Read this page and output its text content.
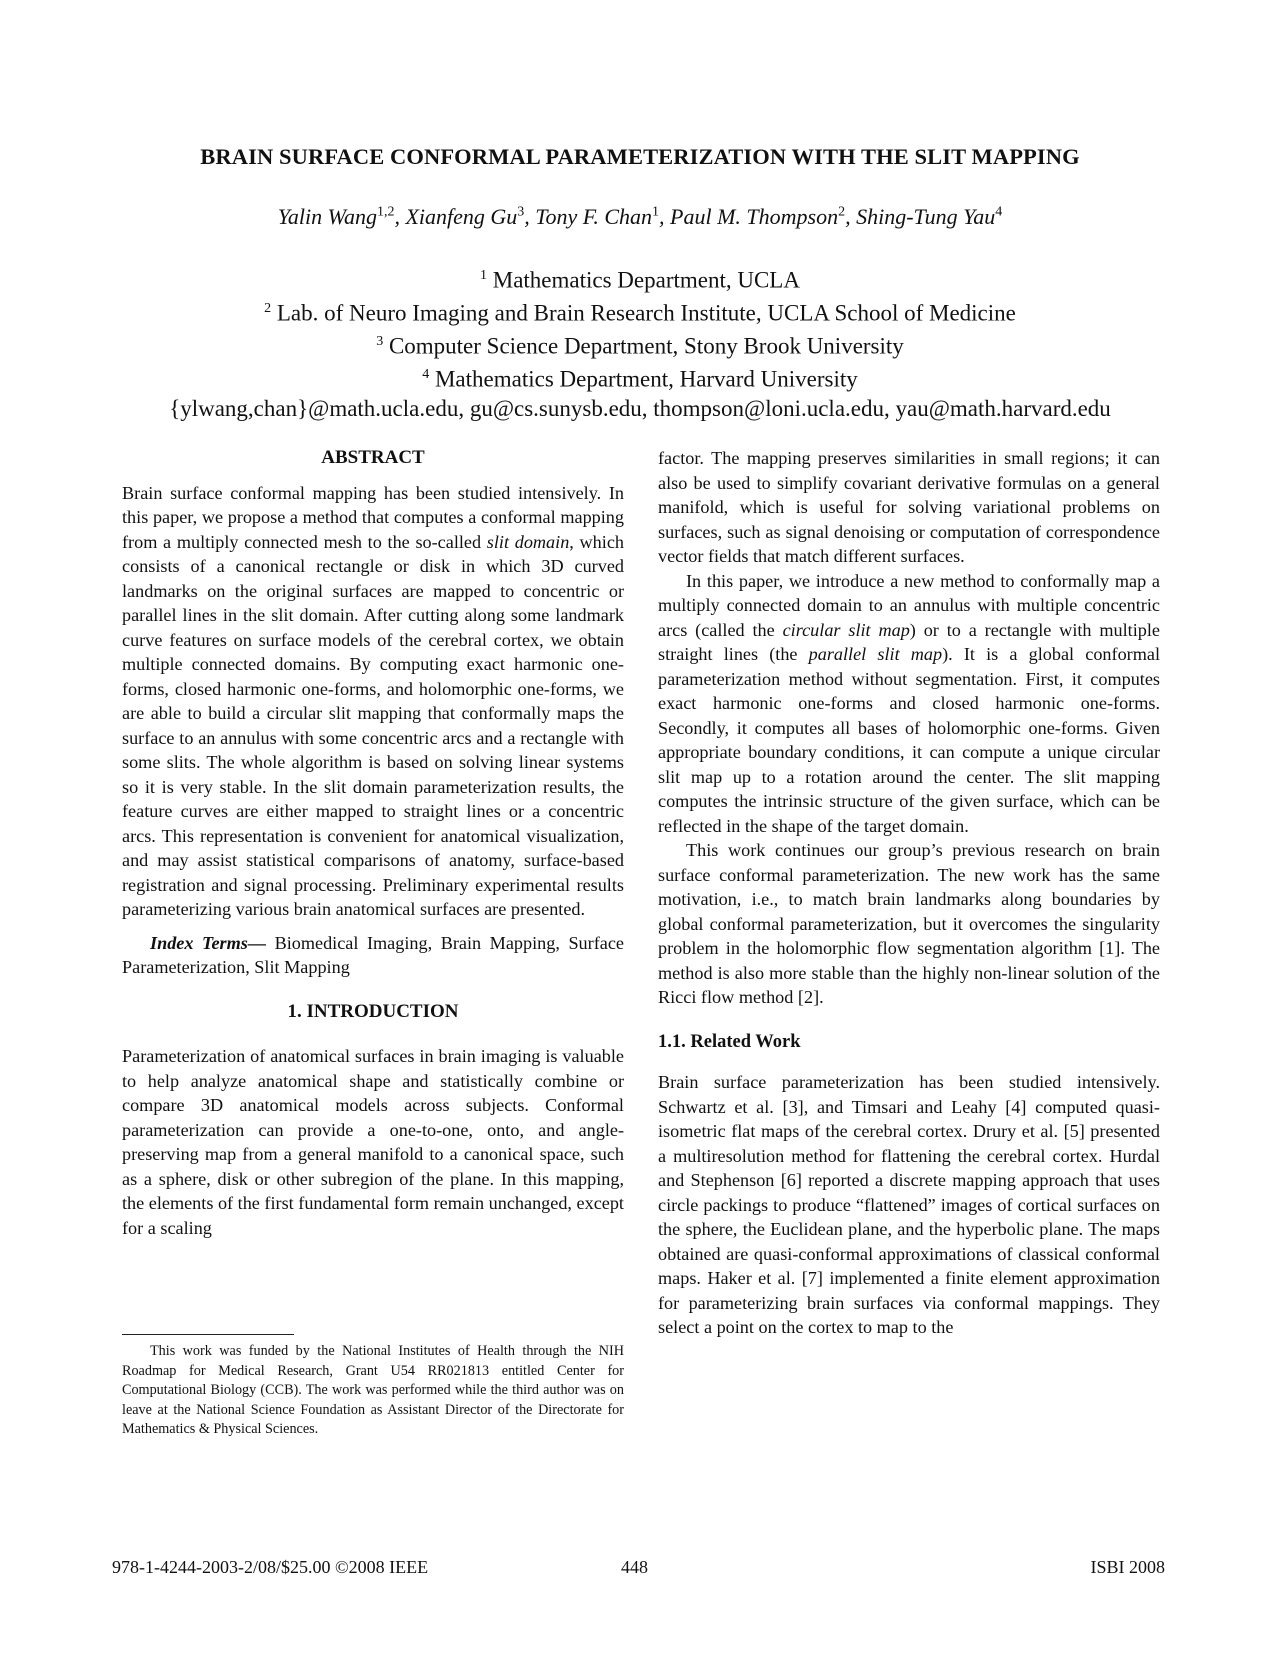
BRAIN SURFACE CONFORMAL PARAMETERIZATION WITH THE SLIT MAPPING
Yalin Wang$^{1,2}$, Xianfeng Gu$^3$, Tony F. Chan$^1$, Paul M. Thompson$^2$, Shing-Tung Yau$^4$
$^1$ Mathematics Department, UCLA
$^2$ Lab. of Neuro Imaging and Brain Research Institute, UCLA School of Medicine
$^3$ Computer Science Department, Stony Brook University
$^4$ Mathematics Department, Harvard University
{ylwang,chan}@math.ucla.edu, gu@cs.sunysb.edu, thompson@loni.ucla.edu, yau@math.harvard.edu

ABSTRACT

Brain surface conformal mapping has been studied intensively. In this paper, we propose a method that computes a conformal mapping from a multiply connected mesh to the so-called slit domain, which consists of a canonical rectangle or disk in which 3D curved landmarks on the original surfaces are mapped to concentric or parallel lines in the slit domain. After cutting along some landmark curve features on surface models of the cerebral cortex, we obtain multiple connected domains. By computing exact harmonic one-forms, closed harmonic one-forms, and holomorphic one-forms, we are able to build a circular slit mapping that conformally maps the surface to an annulus with some concentric arcs and a rectangle with some slits. The whole algorithm is based on solving linear systems so it is very stable. In the slit domain parameterization results, the feature curves are either mapped to straight lines or a concentric arcs. This representation is convenient for anatomical visualization, and may assist statistical comparisons of anatomy, surface-based registration and signal processing. Preliminary experimental results parameterizing various brain anatomical surfaces are presented.

Index Terms— Biomedical Imaging, Brain Mapping, Surface Parameterization, Slit Mapping

1. INTRODUCTION

Parameterization of anatomical surfaces in brain imaging is valuable to help analyze anatomical shape and statistically combine or compare 3D anatomical models across subjects. Conformal parameterization can provide a one-to-one, onto, and angle-preserving map from a general manifold to a canonical space, such as a sphere, disk or other subregion of the plane. In this mapping, the elements of the first fundamental form remain unchanged, except for a scaling

This work was funded by the National Institutes of Health through the NIH Roadmap for Medical Research, Grant U54 RR021813 entitled Center for Computational Biology (CCB). The work was performed while the third author was on leave at the National Science Foundation as Assistant Director of the Directorate for Mathematics & Physical Sciences.

factor. The mapping preserves similarities in small regions; it can also be used to simplify covariant derivative formulas on a general manifold, which is useful for solving variational problems on surfaces, such as signal denoising or computation of correspondence vector fields that match different surfaces.

In this paper, we introduce a new method to conformally map a multiply connected domain to an annulus with multiple concentric arcs (called the circular slit map) or to a rectangle with multiple straight lines (the parallel slit map). It is a global conformal parameterization method without segmentation. First, it computes exact harmonic one-forms and closed harmonic one-forms. Secondly, it computes all bases of holomorphic one-forms. Given appropriate boundary conditions, it can compute a unique circular slit map up to a rotation around the center. The slit mapping computes the intrinsic structure of the given surface, which can be reflected in the shape of the target domain.

This work continues our group’s previous research on brain surface conformal parameterization. The new work has the same motivation, i.e., to match brain landmarks along boundaries by global conformal parameterization, but it overcomes the singularity problem in the holomorphic flow segmentation algorithm [1]. The method is also more stable than the highly non-linear solution of the Ricci flow method [2].

1.1. Related Work

Brain surface parameterization has been studied intensively. Schwartz et al. [3], and Timsari and Leahy [4] computed quasi-isometric flat maps of the cerebral cortex. Drury et al. [5] presented a multiresolution method for flattening the cerebral cortex. Hurdal and Stephenson [6] reported a discrete mapping approach that uses circle packings to produce “flattened” images of cortical surfaces on the sphere, the Euclidean plane, and the hyperbolic plane. The maps obtained are quasi-conformal approximations of classical conformal maps. Haker et al. [7] implemented a finite element approximation for parameterizing brain surfaces via conformal mappings. They select a point on the cortex to map to the

978-1-4244-2003-2/08/$25.00 ©2008 IEEE	448	ISBI 2008
